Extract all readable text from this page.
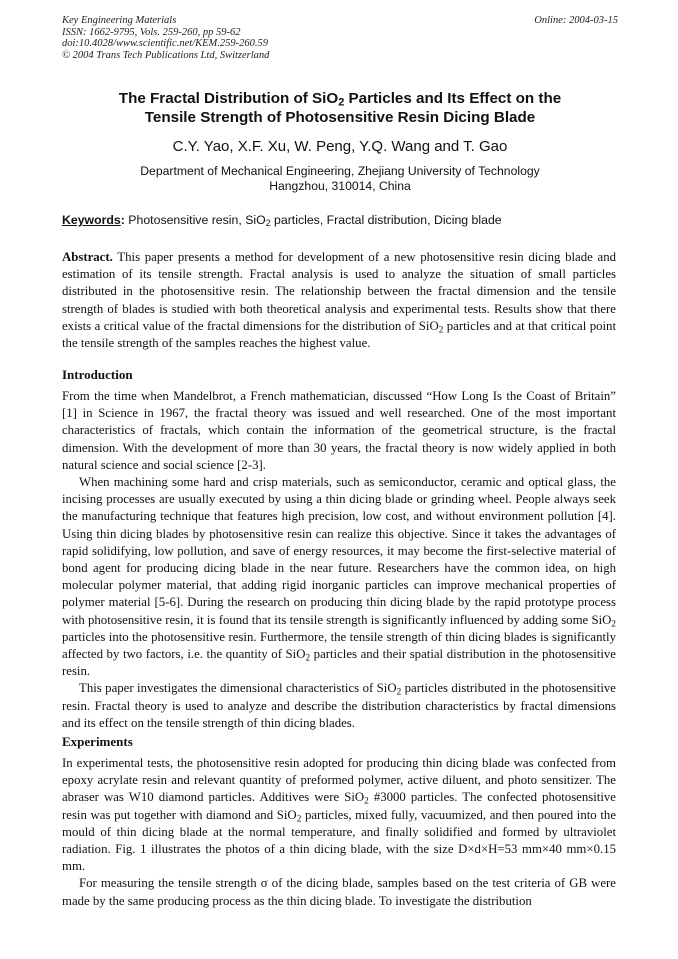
Key Engineering Materials
ISSN: 1662-9795, Vols. 259-260, pp 59-62
doi:10.4028/www.scientific.net/KEM.259-260.59
© 2004 Trans Tech Publications Ltd, Switzerland
Online: 2004-03-15
The Fractal Distribution of SiO$_2$ Particles and Its Effect on the
Tensile Strength of Photosensitive Resin Dicing Blade
C.Y. Yao, X.F. Xu, W. Peng, Y.Q. Wang and T. Gao
Department of Mechanical Engineering, Zhejiang University of Technology
Hangzhou, 310014, China
Keywords: Photosensitive resin, SiO$_2$ particles, Fractal distribution, Dicing blade

Abstract. This paper presents a method for development of a new photosensitive resin dicing blade and estimation of its tensile strength. Fractal analysis is used to analyze the situation of small particles distributed in the photosensitive resin. The relationship between the fractal dimension and the tensile strength of blades is studied with both theoretical analysis and experimental tests. Results show that there exists a critical value of the fractal dimensions for the distribution of SiO$_2$ particles and at that critical point the tensile strength of the samples reaches the highest value.

Introduction

From the time when Mandelbrot, a French mathematician, discussed “How Long Is the Coast of Britain” [1] in Science in 1967, the fractal theory was issued and well researched. One of the most important characteristics of fractals, which contain the information of the geometrical structure, is the fractal dimension. With the development of more than 30 years, the fractal theory is now widely applied in both natural science and social science [2-3].

When machining some hard and crisp materials, such as semiconductor, ceramic and optical glass, the incising processes are usually executed by using a thin dicing blade or grinding wheel. People always seek the manufacturing technique that features high precision, low cost, and without environment pollution [4]. Using thin dicing blades by photosensitive resin can realize this objective. Since it takes the advantages of rapid solidifying, low pollution, and save of energy resources, it may become the first-selective material of bond agent for producing dicing blade in the near future. Researchers have the common idea, on high molecular polymer material, that adding rigid inorganic particles can improve mechanical properties of polymer material [5-6]. During the research on producing thin dicing blade by the rapid prototype process with photosensitive resin, it is found that its tensile strength is significantly influenced by adding some SiO$_2$ particles into the photosensitive resin. Furthermore, the tensile strength of thin dicing blades is significantly affected by two factors, i.e. the quantity of SiO$_2$ particles and their spatial distribution in the photosensitive resin.

This paper investigates the dimensional characteristics of SiO$_2$ particles distributed in the photosensitive resin. Fractal theory is used to analyze and describe the distribution characteristics by fractal dimensions and its effect on the tensile strength of thin dicing blades.

Experiments

In experimental tests, the photosensitive resin adopted for producing thin dicing blade was confected from epoxy acrylate resin and relevant quantity of preformed polymer, active diluent, and photo sensitizer. The abraser was W10 diamond particles. Additives were SiO$_2$ #3000 particles. The confected photosensitive resin was put together with diamond and SiO$_2$ particles, mixed fully, vacuumized, and then poured into the mould of thin dicing blade at the normal temperature, and finally solidified and formed by ultraviolet radiation. Fig. 1 illustrates the photos of a thin dicing blade, with the size D×d×H=53 mm×40 mm×0.15 mm.

For measuring the tensile strength σ of the dicing blade, samples based on the test criteria of GB were made by the same producing process as the thin dicing blade. To investigate the distribution
